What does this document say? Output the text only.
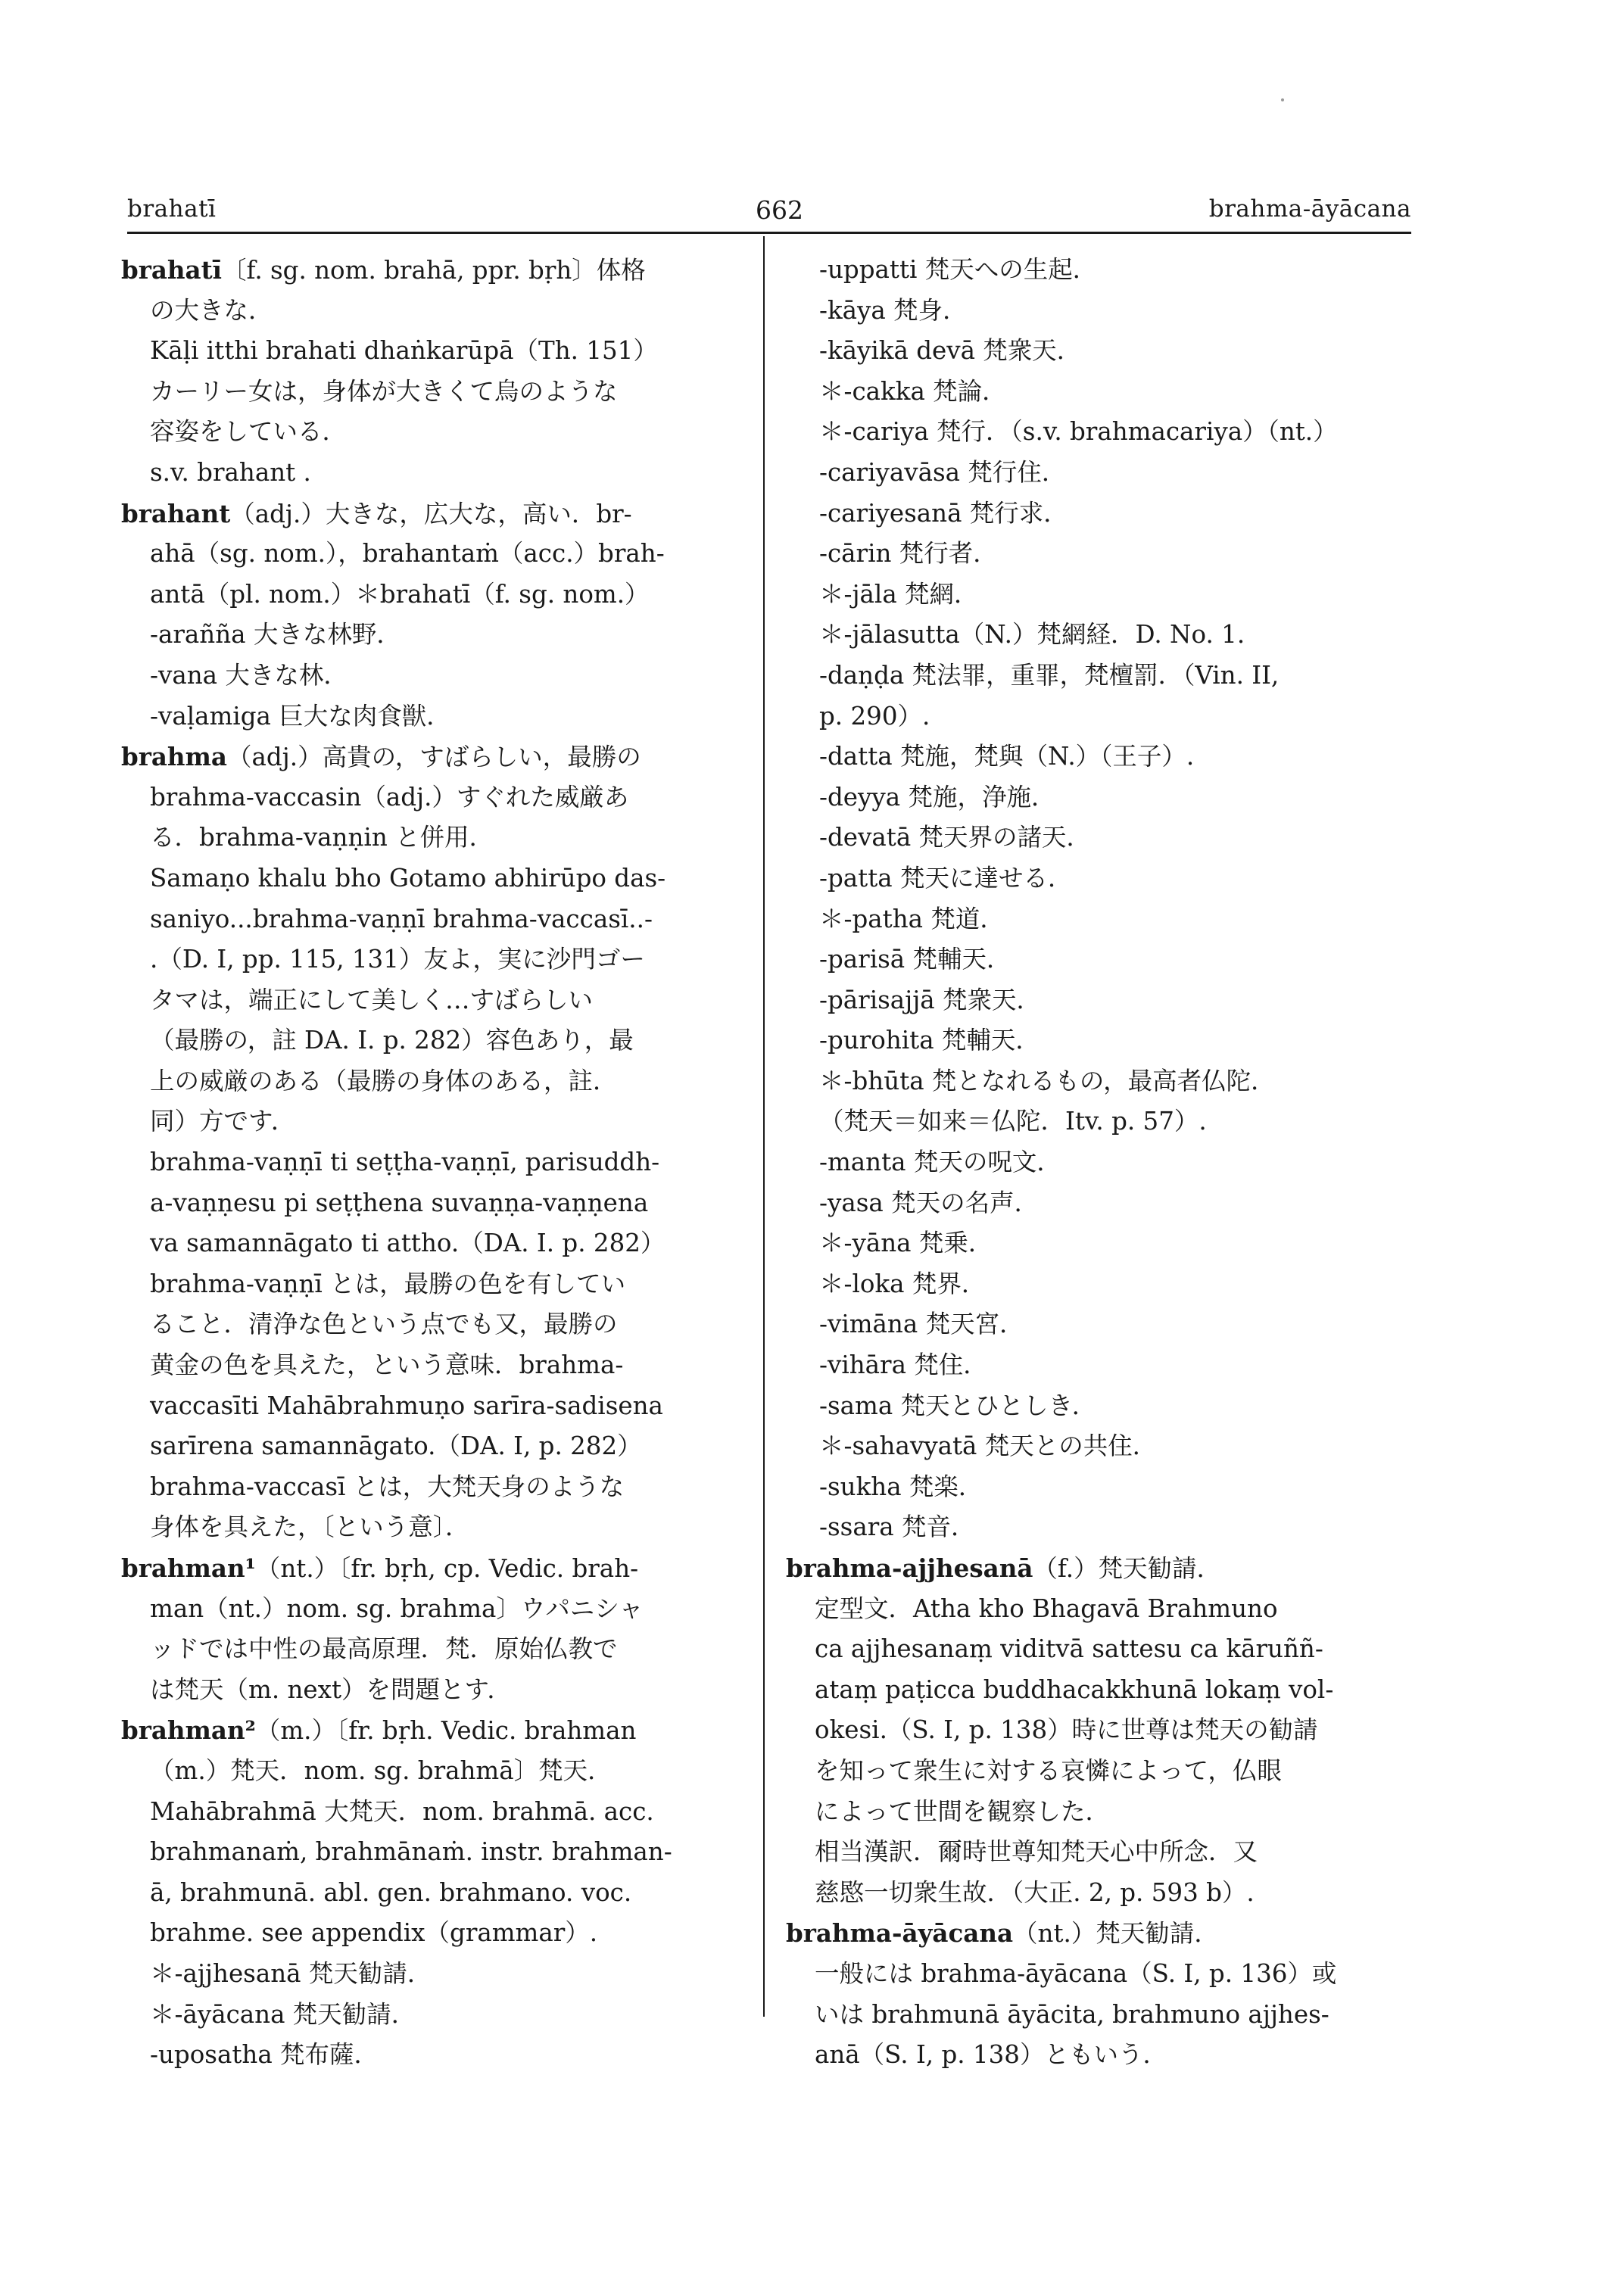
brahatī	662	brahma-āyācana
brahatī〔f. sg. nom. brahā, ppr. bṛh〕体格
の大きな．
Kāḷi itthi brahati dhaṅkarūpā（Th. 151）
カーリー女は，身体が大きくて烏のような
容姿をしている．
s.v. brahant .
brahant（adj.）大きな，広大な，高い．br-
ahā（sg. nom.），brahantaṁ（acc.）brah-
antā（pl. nom.）＊brahatī（f. sg. nom.）
-arañña 大きな林野．
-vana 大きな林．
-vaḷamiga 巨大な肉食獣．
brahma（adj.）高貴の，すばらしい，最勝の
brahma-vaccasin（adj.）すぐれた威厳あ
る．brahma-vaṇṇin と併用．
Samaṇo khalu bho Gotamo abhirūpo das-
saniyo...brahma-vaṇṇī brahma-vaccasī..-
.（D. I, pp. 115, 131）友よ，実に沙門ゴー
タマは，端正にして美しく…すばらしい
（最勝の，註 DA. I. p. 282）容色あり，最
上の威厳のある（最勝の身体のある，註．
同）方です．
brahma-vaṇṇī ti seṭṭha-vaṇṇī, parisuddh-
a-vaṇṇesu pi seṭṭhena suvaṇṇa-vaṇṇena
va samannāgato ti attho.（DA. I. p. 282）
brahma-vaṇṇī とは，最勝の色を有してい
ること．清浄な色という点でも又，最勝の
黄金の色を具えた，という意味．brahma-
vaccasīti Mahābrahmuṇo sarīra-sadisena
sarīrena samannāgato.（DA. I, p. 282）
brahma-vaccasī とは，大梵天身のような
身体を具えた，〔という意〕．
brahman¹（nt.）〔fr. bṛh, cp. Vedic. brah-
man（nt.）nom. sg. brahma〕ウパニシャ
ッドでは中性の最高原理．梵．原始仏教で
は梵天（m. next）を問題とす．
brahman²（m.）〔fr. bṛh. Vedic. brahman
（m.）梵天．nom. sg. brahmā〕梵天．
Mahābrahmā 大梵天．nom. brahmā. acc.
brahmanaṁ, brahmānaṁ. instr. brahman-
ā, brahmunā. abl. gen. brahmano. voc.
brahme. see appendix（grammar）.
＊-ajjhesanā 梵天勧請．
＊-āyācana 梵天勧請．
-uposatha 梵布薩．
-uppatti 梵天への生起．
-kāya 梵身．
-kāyikā devā 梵衆天．
＊-cakka 梵論．
＊-cariya 梵行．（s.v. brahmacariya）（nt.）
-cariyavāsa 梵行住．
-cariyesanā 梵行求．
-cārin 梵行者．
＊-jāla 梵網．
＊-jālasutta（N.）梵網経．D. No. 1.
-daṇḍa 梵法罪，重罪，梵檀罰．（Vin. II,
p. 290）.
-datta 梵施，梵與（N.）（王子）.
-deyya 梵施，浄施．
-devatā 梵天界の諸天．
-patta 梵天に達せる．
＊-patha 梵道．
-parisā 梵輔天．
-pārisajjā 梵衆天．
-purohita 梵輔天．
＊-bhūta 梵となれるもの，最高者仏陀．
（梵天＝如来＝仏陀．Itv. p. 57）.
-manta 梵天の呪文．
-yasa 梵天の名声．
＊-yāna 梵乗．
＊-loka 梵界．
-vimāna 梵天宮．
-vihāra 梵住．
-sama 梵天とひとしき．
＊-sahavyatā 梵天との共住．
-sukha 梵楽．
-ssara 梵音．
brahma-ajjhesanā（f.）梵天勧請．
定型文．Atha kho Bhagavā Brahmuno
ca ajjhesanaṃ viditvā sattesu ca kāruññ-
ataṃ paṭicca buddhacakkhunā lokaṃ vol-
okesi.（S. I, p. 138）時に世尊は梵天の勧請
を知って衆生に対する哀憐によって，仏眼
によって世間を観察した．
相当漢訳．爾時世尊知梵天心中所念．又
慈愍一切衆生故．（大正. 2, p. 593 b）.
brahma-āyācana（nt.）梵天勧請．
一般には brahma-āyācana（S. I, p. 136）或
いは brahmunā āyācita, brahmuno ajjhes-
anā（S. I, p. 138）ともいう．
